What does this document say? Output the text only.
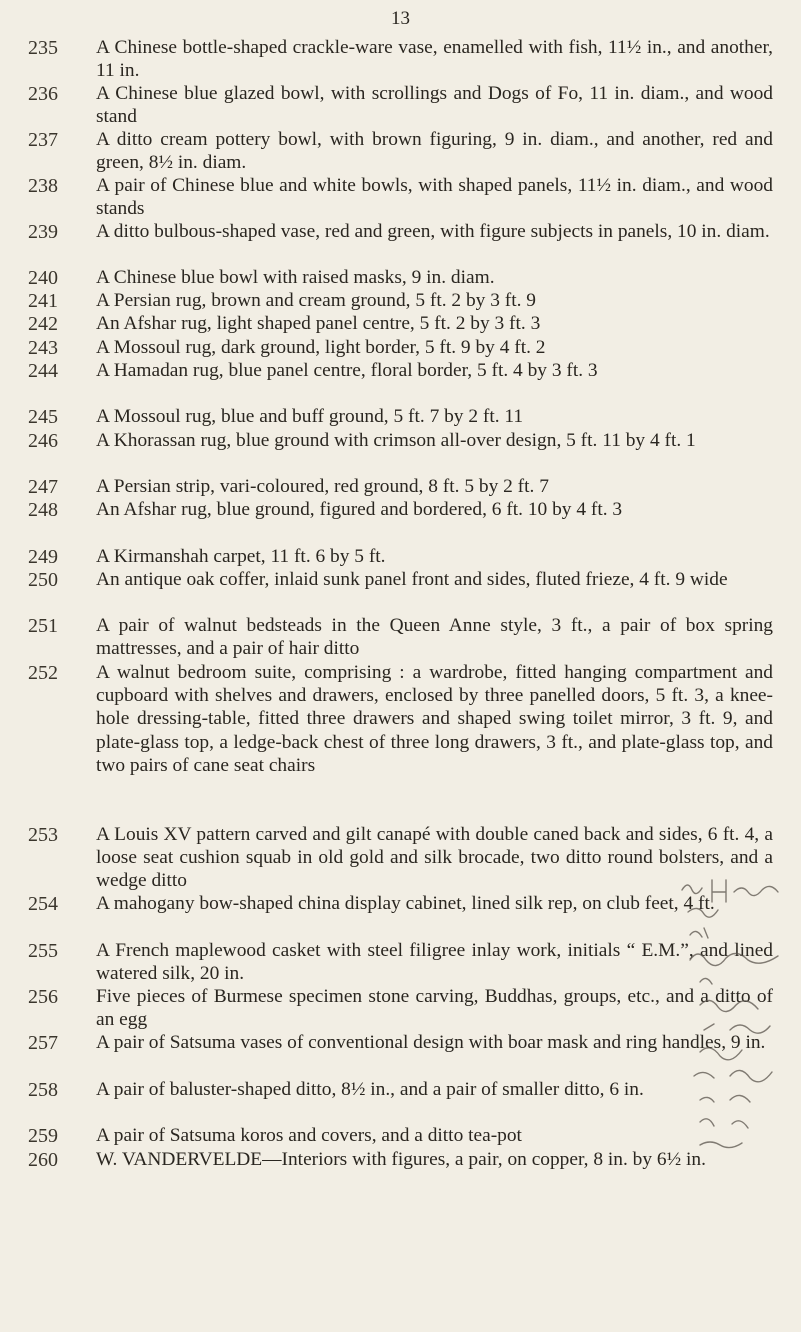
13
235	A Chinese bottle-shaped crackle-ware vase, enamelled with fish, 11½ in., and another, 11 in.
236	A Chinese blue glazed bowl, with scrollings and Dogs of Fo, 11 in. diam., and wood stand
237	A ditto cream pottery bowl, with brown figuring, 9 in. diam., and another, red and green, 8½ in. diam.
238	A pair of Chinese blue and white bowls, with shaped panels, 11½ in. diam., and wood stands
239	A ditto bulbous-shaped vase, red and green, with figure subjects in panels, 10 in. diam.
240	A Chinese blue bowl with raised masks, 9 in. diam.
241	A Persian rug, brown and cream ground, 5 ft. 2 by 3 ft. 9
242	An Afshar rug, light shaped panel centre, 5 ft. 2 by 3 ft. 3
243	A Mossoul rug, dark ground, light border, 5 ft. 9 by 4 ft. 2
244	A Hamadan rug, blue panel centre, floral border, 5 ft. 4 by 3 ft. 3
245	A Mossoul rug, blue and buff ground, 5 ft. 7 by 2 ft. 11
246	A Khorassan rug, blue ground with crimson all-over design, 5 ft. 11 by 4 ft. 1
247	A Persian strip, vari-coloured, red ground, 8 ft. 5 by 2 ft. 7
248	An Afshar rug, blue ground, figured and bordered, 6 ft. 10 by 4 ft. 3
249	A Kirmanshah carpet, 11 ft. 6 by 5 ft.
250	An antique oak coffer, inlaid sunk panel front and sides, fluted frieze, 4 ft. 9 wide
251	A pair of walnut bedsteads in the Queen Anne style, 3 ft., a pair of box spring mattresses, and a pair of hair ditto
252	A walnut bedroom suite, comprising : a wardrobe, fitted hanging compartment and cupboard with shelves and drawers, enclosed by three panelled doors, 5 ft. 3, a knee-hole dressing-table, fitted three drawers and shaped swing toilet mirror, 3 ft. 9, and plate-glass top, a ledge-back chest of three long drawers, 3 ft., and plate-glass top, and two pairs of cane seat chairs
253	A Louis XV pattern carved and gilt canapé with double caned back and sides, 6 ft. 4, a loose seat cushion squab in old gold and silk brocade, two ditto round bolsters, and a wedge ditto
254	A mahogany bow-shaped china display cabinet, lined silk rep, on club feet, 4 ft.
255	A French maplewood casket with steel filigree inlay work, initials “ E.M.”, and lined watered silk, 20 in.
256	Five pieces of Burmese specimen stone carving, Buddhas, groups, etc., and a ditto of an egg
257	A pair of Satsuma vases of conventional design with boar mask and ring handles, 9 in.
258	A pair of baluster-shaped ditto, 8½ in., and a pair of smaller ditto, 6 in.
259	A pair of Satsuma koros and covers, and a ditto tea-pot
260	W. VANDERVELDE—Interiors with figures, a pair, on copper, 8 in. by 6½ in.
